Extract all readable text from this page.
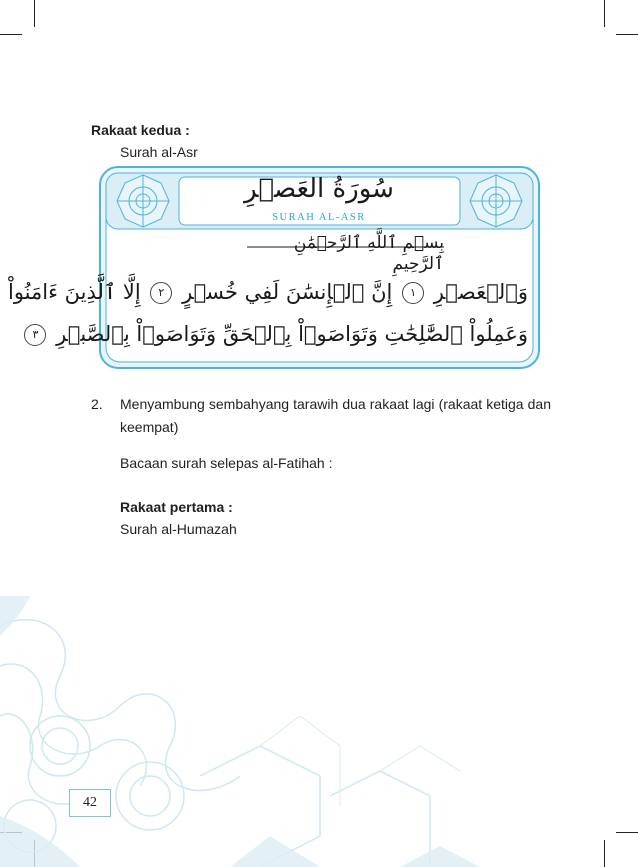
Rakaat kedua :
Surah al-Asr
سُورَةُ العَصۡرِ
SURAH AL-ASR
بِسۡمِ ٱللَّهِ ٱلرَّحۡمَٰنِ ٱلرَّحِيمِ
وَٱلۡعَصۡرِ ١ إِنَّ ٱلۡإِنسَٰنَ لَفِي خُسۡرٍ ٢ إِلَّا ٱلَّذِينَ ءَامَنُواْ
وَعَمِلُواْ ٱلصَّٰلِحَٰتِ وَتَوَاصَوۡاْ بِٱلۡحَقِّ وَتَوَاصَوۡاْ بِٱلصَّبۡرِ ٣
2. Menyambung sembahyang tarawih dua rakaat lagi (rakaat ketiga dan keempat)
Bacaan surah selepas al-Fatihah :
Rakaat pertama :
Surah al-Humazah
42
